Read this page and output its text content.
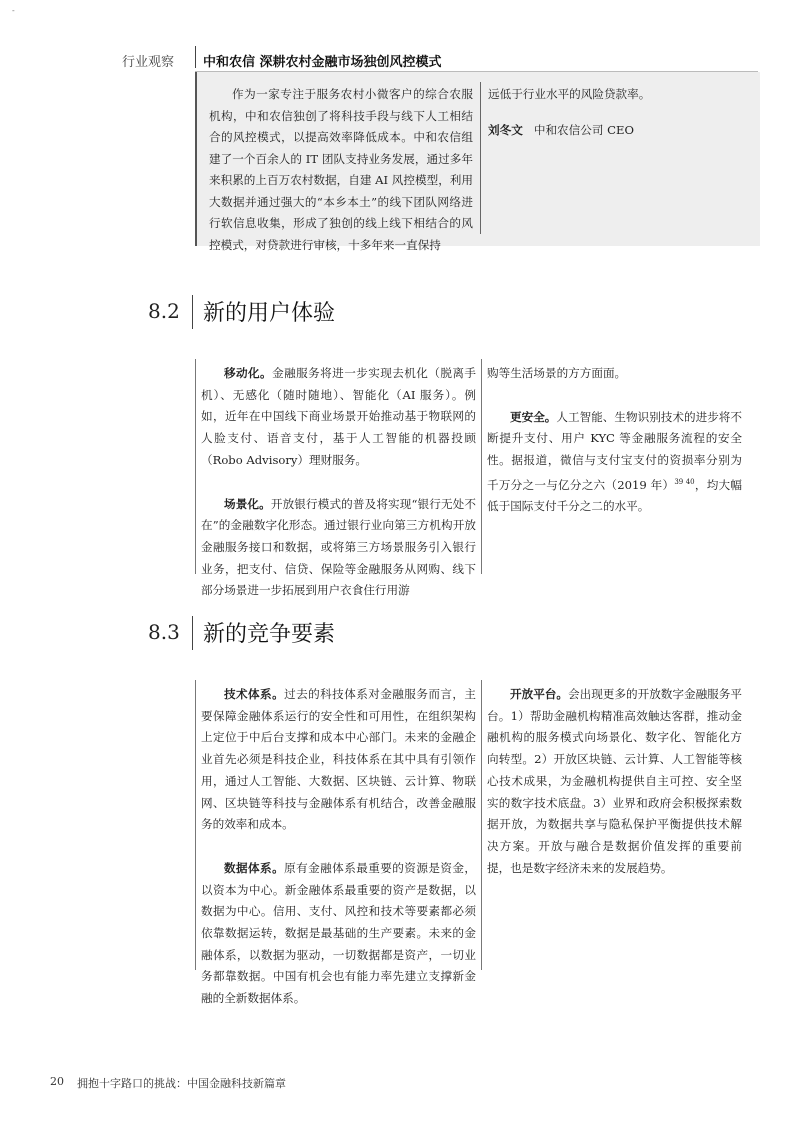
-
行业观察 中和农信 深耕农村金融市场独创风控模式
作为一家专注于服务农村小微客户的综合农服机构，中和农信独创了将科技手段与线下人工相结合的风控模式，以提高效率降低成本。中和农信组建了一个百余人的 IT 团队支持业务发展，通过多年来积累的上百万农村数据，自建 AI 风控模型，利用大数据并通过强大的“本乡本土”的线下团队网络进行软信息收集，形成了独创的线上线下相结合的风控模式，对贷款进行审核，十多年来一直保持
远低于行业水平的风险贷款率。
刘冬文 中和农信公司 CEO
8.2 新的用户体验

移动化。金融服务将进一步实现去机化（脱离手机）、无感化（随时随地）、智能化（AI 服务）。例如，近年在中国线下商业场景开始推动基于物联网的人脸支付、语音支付，基于人工智能的机器投顾（Robo Advisory）理财服务。

场景化。开放银行模式的普及将实现“银行无处不在”的金融数字化形态。通过银行业向第三方机构开放金融服务接口和数据，或将第三方场景服务引入银行业务，把支付、信贷、保险等金融服务从网购、线下部分场景进一步拓展到用户衣食住行用游

购等生活场景的方方面面。

更安全。人工智能、生物识别技术的进步将不断提升支付、用户 KYC 等金融服务流程的安全性。据报道，微信与支付宝支付的资损率分别为千万分之一与亿分之六（2019 年）$^{39 40}$，均大幅低于国际支付千分之二的水平。

8.3 新的竞争要素

技术体系。过去的科技体系对金融服务而言，主要保障金融体系运行的安全性和可用性，在组织架构上定位于中后台支撑和成本中心部门。未来的金融企业首先必须是科技企业，科技体系在其中具有引领作用，通过人工智能、大数据、区块链、云计算、物联网、区块链等科技与金融体系有机结合，改善金融服务的效率和成本。

数据体系。原有金融体系最重要的资源是资金，以资本为中心。新金融体系最重要的资产是数据，以数据为中心。信用、支付、风控和技术等要素都必须依靠数据运转，数据是最基础的生产要素。未来的金融体系，以数据为驱动，一切数据都是资产，一切业务都靠数据。中国有机会也有能力率先建立支撑新金融的全新数据体系。

开放平台。会出现更多的开放数字金融服务平台。1）帮助金融机构精准高效触达客群，推动金融机构的服务模式向场景化、数字化、智能化方向转型。2）开放区块链、云计算、人工智能等核心技术成果，为金融机构提供自主可控、安全坚实的数字技术底盘。3）业界和政府会积极探索数据开放，为数据共享与隐私保护平衡提供技术解决方案。开放与融合是数据价值发挥的重要前提，也是数字经济未来的发展趋势。

20 拥抱十字路口的挑战：中国金融科技新篇章
